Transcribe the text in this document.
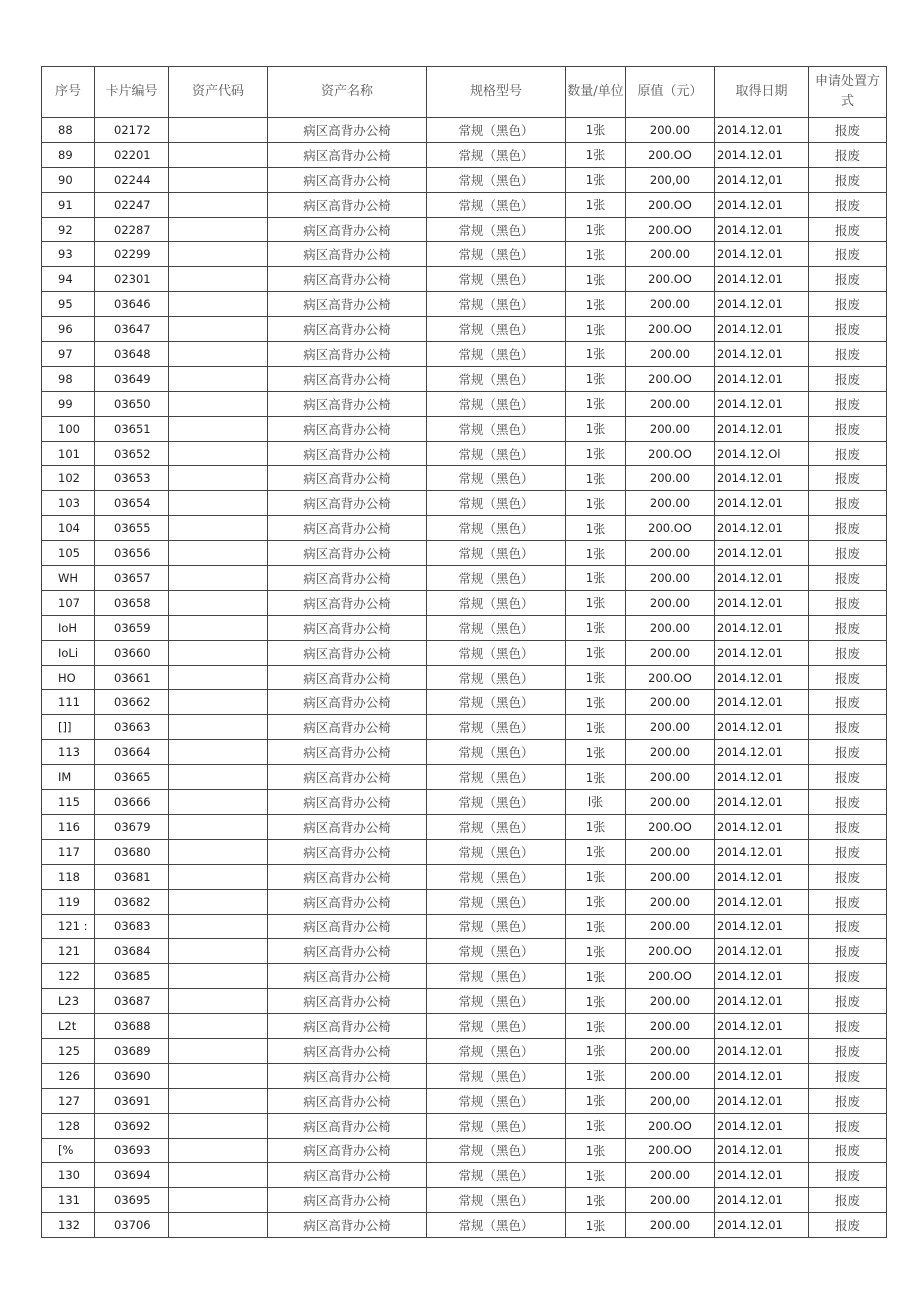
序号	卡片编号	资产代码	资产名称	规格型号	数量/单位	原值（元）	取得日期	申请处置方式
88	02172		病区高背办公椅	常规（黑色）	1张	200.00	2014.12.01	报废
89	02201		病区高背办公椅	常规（黑色）	1张	200.OO	2014.12.01	报废
90	02244		病区高背办公椅	常规（黑色）	1张	200,00	2014.12,01	报废
91	02247		病区高背办公椅	常规（黑色）	1张	200.OO	2014.12.01	报废
92	02287		病区高背办公椅	常规（黑色）	1张	200.OO	2014.12.01	报废
93	02299		病区高背办公椅	常规（黑色）	1张	200.00	2014.12.01	报废
94	02301		病区高背办公椅	常规（黑色）	1张	200.OO	2014.12.01	报废
95	03646		病区高背办公椅	常规（黑色）	1张	200.00	2014.12.01	报废
96	03647		病区高背办公椅	常规（黑色）	1张	200.OO	2014.12.01	报废
97	03648		病区高背办公椅	常规（黑色）	1张	200.00	2014.12.01	报废
98	03649		病区高背办公椅	常规（黑色）	1张	200.OO	2014.12.01	报废
99	03650		病区高背办公椅	常规（黑色）	1张	200.00	2014.12.01	报废
100	03651		病区高背办公椅	常规（黑色）	1张	200.00	2014.12.01	报废
101	03652		病区高背办公椅	常规（黑色）	1张	200.OO	2014.12.Ol	报废
102	03653		病区高背办公椅	常规（黑色）	1张	200.00	2014.12.01	报废
103	03654		病区高背办公椅	常规（黑色）	1张	200.00	2014.12.01	报废
104	03655		病区高背办公椅	常规（黑色）	1张	200.OO	2014.12.01	报废
105	03656		病区高背办公椅	常规（黑色）	1张	200.00	2014.12.01	报废
WH	03657		病区高背办公椅	常规（黑色）	1张	200.00	2014.12.01	报废
107	03658		病区高背办公椅	常规（黑色）	1张	200.00	2014.12.01	报废
IoH	03659		病区高背办公椅	常规（黑色）	1张	200.00	2014.12.01	报废
IoLi	03660		病区高背办公椅	常规（黑色）	1张	200.00	2014.12.01	报废
HO	03661		病区高背办公椅	常规（黑色）	1张	200.OO	2014.12.01	报废
111	03662		病区高背办公椅	常规（黑色）	1张	200.00	2014.12.01	报废
[]]	03663		病区高背办公椅	常规（黑色）	1张	200.00	2014.12.01	报废
113	03664		病区高背办公椅	常规（黑色）	1张	200.00	2014.12.01	报废
IM	03665		病区高背办公椅	常规（黑色）	1张	200.00	2014.12.01	报废
115	03666		病区高背办公椅	常规（黑色）	l张	200.00	2014.12.01	报废
116	03679		病区高背办公椅	常规（黑色）	1张	200.OO	2014.12.01	报废
117	03680		病区高背办公椅	常规（黑色）	1张	200.00	2014.12.01	报废
118	03681		病区高背办公椅	常规（黑色）	1张	200.00	2014.12.01	报废
119	03682		病区高背办公椅	常规（黑色）	1张	200.00	2014.12.01	报废
121 :	03683		病区高背办公椅	常规（黑色）	1张	200.00	2014.12.01	报废
121	03684		病区高背办公椅	常规（黑色）	1张	200.OO	2014.12.01	报废
122	03685		病区高背办公椅	常规（黑色）	1张	200.OO	2014.12.01	报废
L23	03687		病区高背办公椅	常规（黑色）	1张	200.00	2014.12.01	报废
L2t	03688		病区高背办公椅	常规（黑色）	1张	200.00	2014.12.01	报废
125	03689		病区高背办公椅	常规（黑色）	1张	200.00	2014.12.01	报废
126	03690		病区高背办公椅	常规（黑色）	1张	200.00	2014.12.01	报废
127	03691		病区高背办公椅	常规（黑色）	1张	200,00	2014.12.01	报废
128	03692		病区高背办公椅	常规（黑色）	1张	200.OO	2014.12.01	报废
[%	03693		病区高背办公椅	常规（黑色）	1张	200.OO	2014.12.01	报废
130	03694		病区高背办公椅	常规（黑色）	1张	200.00	2014.12.01	报废
131	03695		病区高背办公椅	常规（黑色）	1张	200.00	2014.12.01	报废
132	03706		病区高背办公椅	常规（黑色）	1张	200.00	2014.12.01	报废
